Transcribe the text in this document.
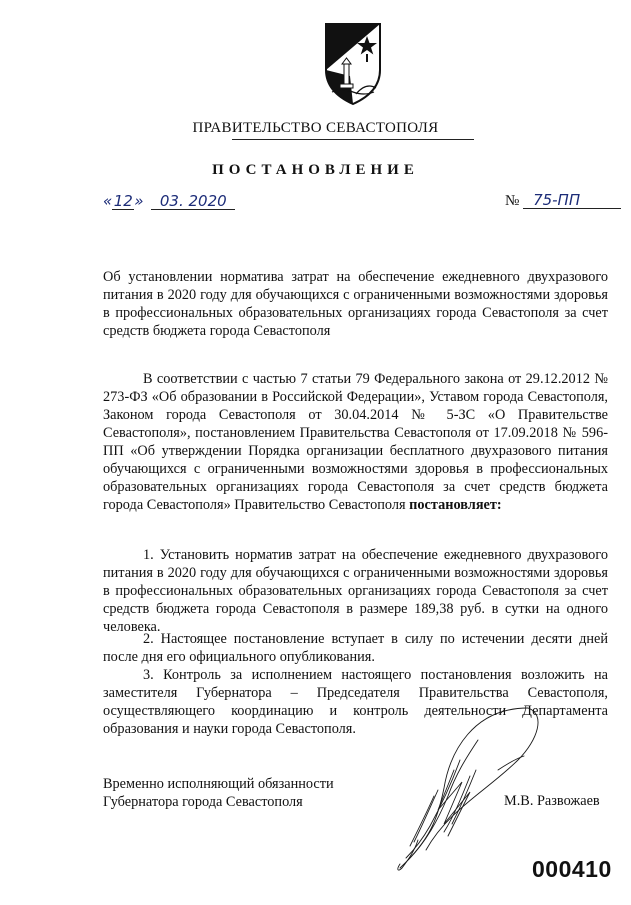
ПРАВИТЕЛЬСТВО СЕВАСТОПОЛЯ
ПОСТАНОВЛЕНИЕ
«12» 03. 2020	№ 75-ПП
Об установлении норматива затрат на обеспечение ежедневного двухразового питания в 2020 году для обучающихся с ограниченными возможностями здоровья в профессиональных образовательных организациях города Севастополя за счет средств бюджета города Севастополя
В соответствии с частью 7 статьи 79 Федерального закона от 29.12.2012 № 273-ФЗ «Об образовании в Российской Федерации», Уставом города Севастополя, Законом города Севастополя от 30.04.2014 № 5-ЗС «О Правительстве Севастополя», постановлением Правительства Севастополя от 17.09.2018 № 596-ПП «Об утверждении Порядка организации бесплатного двухразового питания обучающихся с ограниченными возможностями здоровья в профессиональных образовательных организациях города Севастополя за счет средств бюджета города Севастополя» Правительство Севастополя постановляет:
1. Установить норматив затрат на обеспечение ежедневного двухразового питания в 2020 году для обучающихся с ограниченными возможностями здоровья в профессиональных образовательных организациях города Севастополя за счет средств бюджета города Севастополя в размере 189,38 руб. в сутки на одного человека.
2. Настоящее постановление вступает в силу по истечении десяти дней после дня его официального опубликования.
3. Контроль за исполнением настоящего постановления возложить на заместителя Губернатора – Председателя Правительства Севастополя, осуществляющего координацию и контроль деятельности Департамента образования и науки города Севастополя.
Временно исполняющий обязанности
Губернатора города Севастополя	М.В. Развожаев
000410
